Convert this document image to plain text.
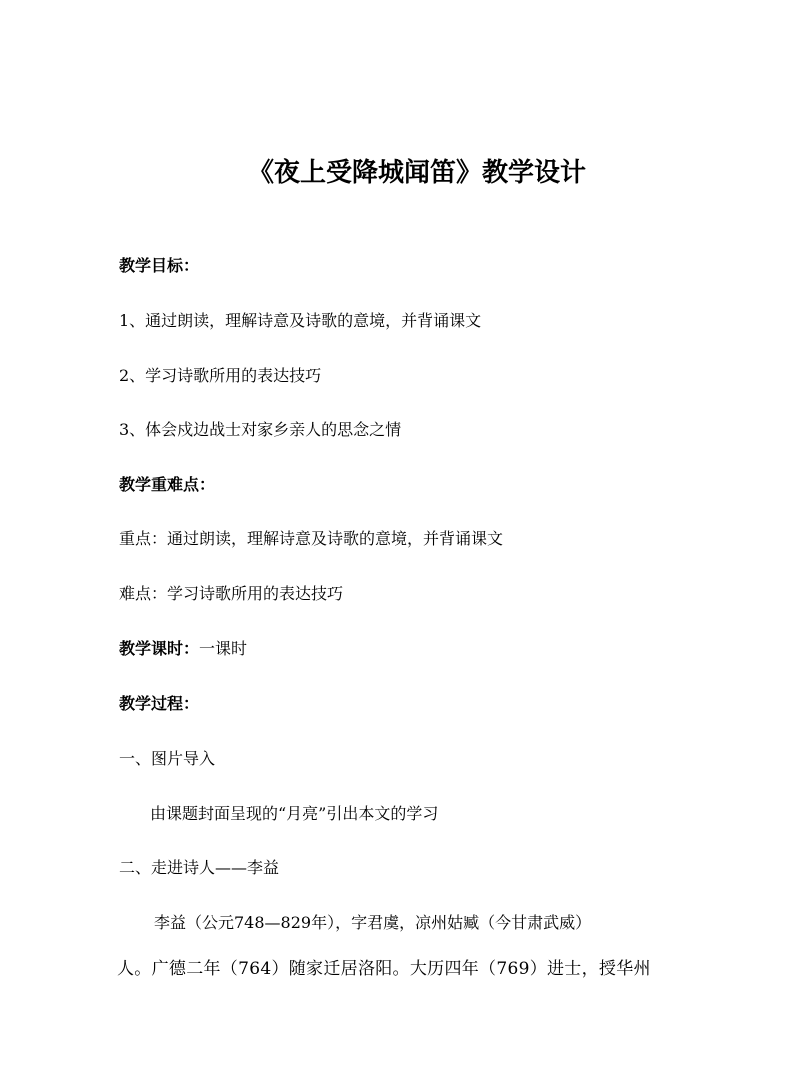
《夜上受降城闻笛》教学设计
教学目标：
1、通过朗读，理解诗意及诗歌的意境，并背诵课文
2、学习诗歌所用的表达技巧
3、体会戍边战士对家乡亲人的思念之情
教学重难点：
重点：通过朗读，理解诗意及诗歌的意境，并背诵课文
难点：学习诗歌所用的表达技巧
教学课时：一课时
教学过程：
一、图片导入
由课题封面呈现的“月亮”引出本文的学习
二、走进诗人——李益
李益（公元748—829年），字君虞，凉州姑臧（今甘肃武威）
人。广德二年（764）随家迁居洛阳。大历四年（769）进士，授华州
